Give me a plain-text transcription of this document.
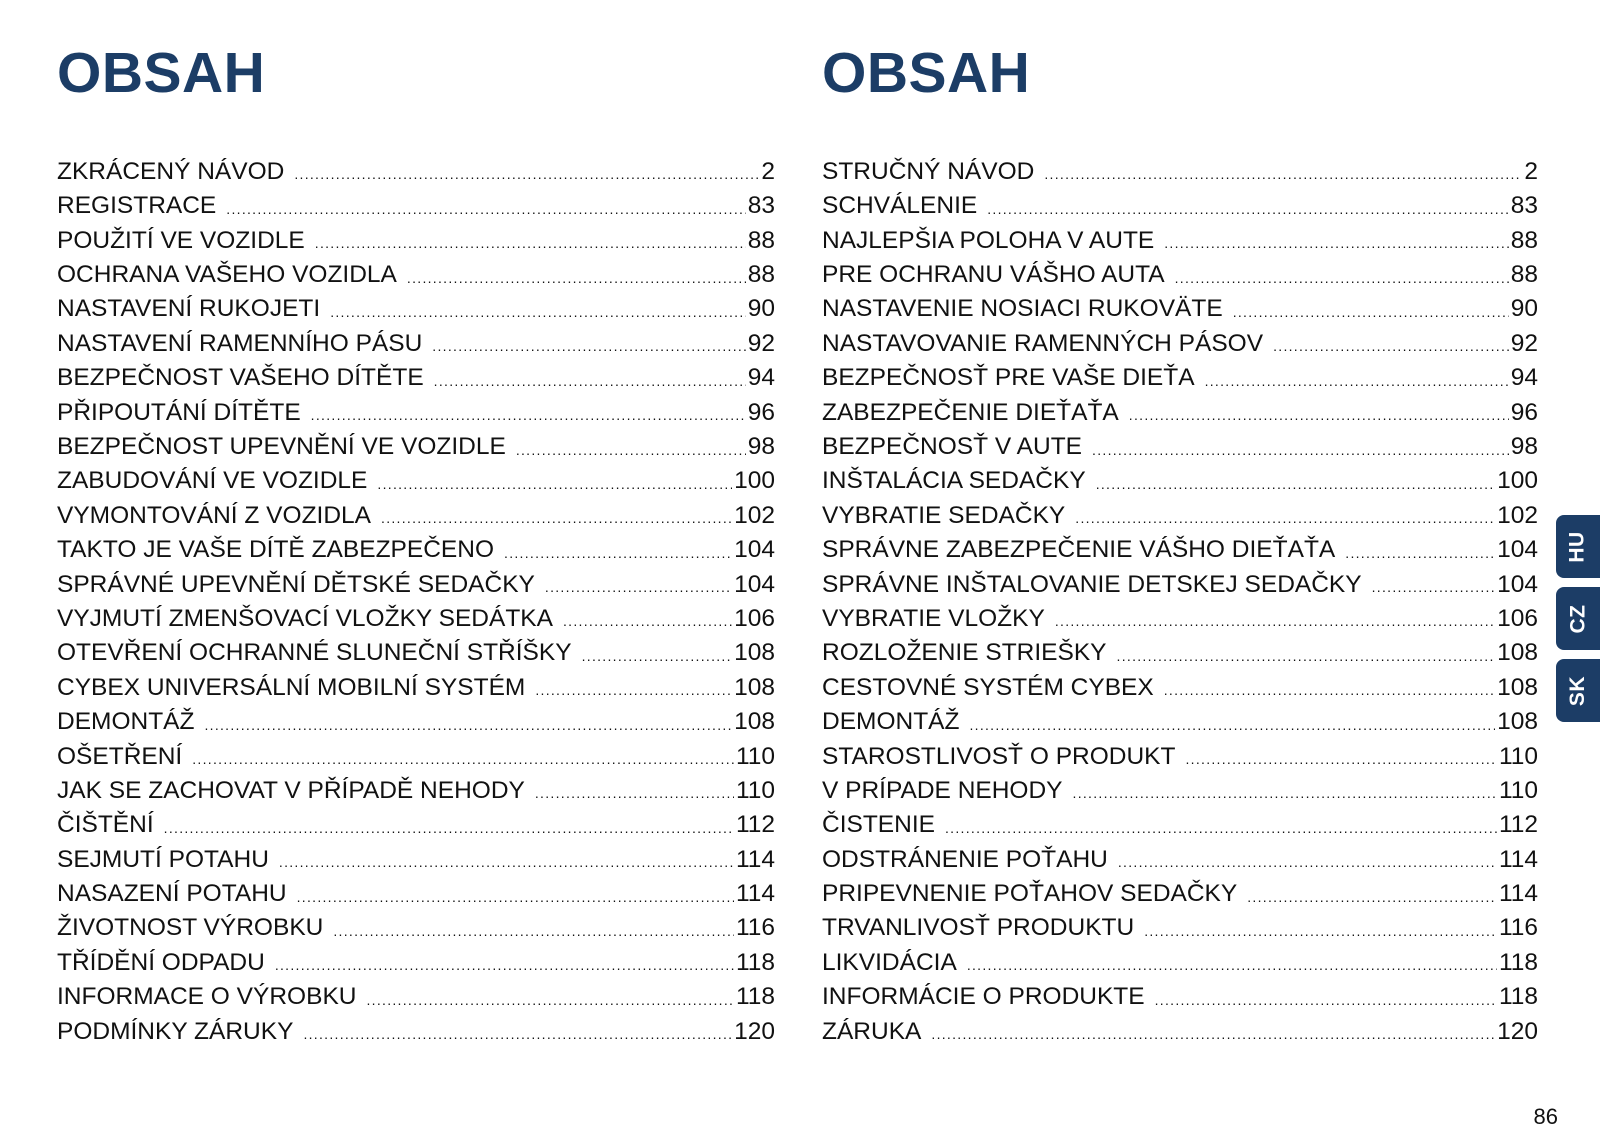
OBSAH
ZKRÁCENÝ NÁVOD . . .	2
REGISTRACE . . .	83
POUŽITÍ VE VOZIDLE . . .	88
OCHRANA VAŠEHO VOZIDLA . . .	88
NASTAVENÍ RUKOJETI . . .	90
NASTAVENÍ RAMENNÍHO PÁSU . . .	92
BEZPEČNOST VAŠEHO DÍTĚTE . . .	94
PŘIPOUTÁNÍ DÍTĚTE . . .	96
BEZPEČNOST UPEVNĚNÍ VE VOZIDLE . . .	98
ZABUDOVÁNÍ VE VOZIDLE . . .	100
VYMONTOVÁNÍ Z VOZIDLA . . .	102
TAKTO JE VAŠE DÍTĚ ZABEZPEČENO . . .	104
SPRÁVNÉ UPEVNĚNÍ DĚTSKÉ SEDAČKY . . .	104
VYJMUTÍ ZMENŠOVACÍ VLOŽKY SEDÁTKA . . .	106
OTEVŘENÍ OCHRANNÉ SLUNEČNÍ STŘÍŠKY . . .	108
CYBEX UNIVERSÁLNÍ MOBILNÍ SYSTÉM . . .	108
DEMONTÁŽ . . .	108
OŠETŘENÍ . . .	110
JAK SE ZACHOVAT V PŘÍPADĚ NEHODY . . .	110
ČIŠTĚNÍ . . .	112
SEJMUTÍ POTAHU . . .	114
NASAZENÍ POTAHU . . .	114
ŽIVOTNOST VÝROBKU . . .	116
TŘÍDĚNÍ ODPADU . . .	118
INFORMACE O VÝROBKU . . .	118
PODMÍNKY ZÁRUKY . . .	120
OBSAH
STRUČNÝ NÁVOD . . .	2
SCHVÁLENIE . . .	83
NAJLEPŠIA POLOHA V AUTE . . .	88
PRE OCHRANU VÁŠHO AUTA . . .	88
NASTAVENIE NOSIACI RUKOVÄTE . . .	90
NASTAVOVANIE RAMENNÝCH PÁSOV . . .	92
BEZPEČNOSŤ PRE VAŠE DIEŤA . . .	94
ZABEZPEČENIE DIEŤAŤA . . .	96
BEZPEČNOSŤ V AUTE . . .	98
INŠTALÁCIA SEDAČKY . . .	100
VYBRATIE SEDAČKY . . .	102
SPRÁVNE ZABEZPEČENIE VÁŠHO DIEŤAŤA . . .	104
SPRÁVNE INŠTALOVANIE DETSKEJ SEDAČKY . . .	104
VYBRATIE VLOŽKY . . .	106
ROZLOŽENIE STRIEŠKY . . .	108
CESTOVNÉ SYSTÉM CYBEX . . .	108
DEMONTÁŽ . . .	108
STAROSTLIVOSŤ O PRODUKT . . .	110
V PRÍPADE NEHODY . . .	110
ČISTENIE . . .	112
ODSTRÁNENIE POŤAHU . . .	114
PRIPEVNENIE POŤAHOV SEDAČKY . . .	114
TRVANLIVOSŤ PRODUKTU . . .	116
LIKVIDÁCIA . . .	118
INFORMÁCIE O PRODUKTE . . .	118
ZÁRUKA . . .	120
HU
CZ
SK
86
